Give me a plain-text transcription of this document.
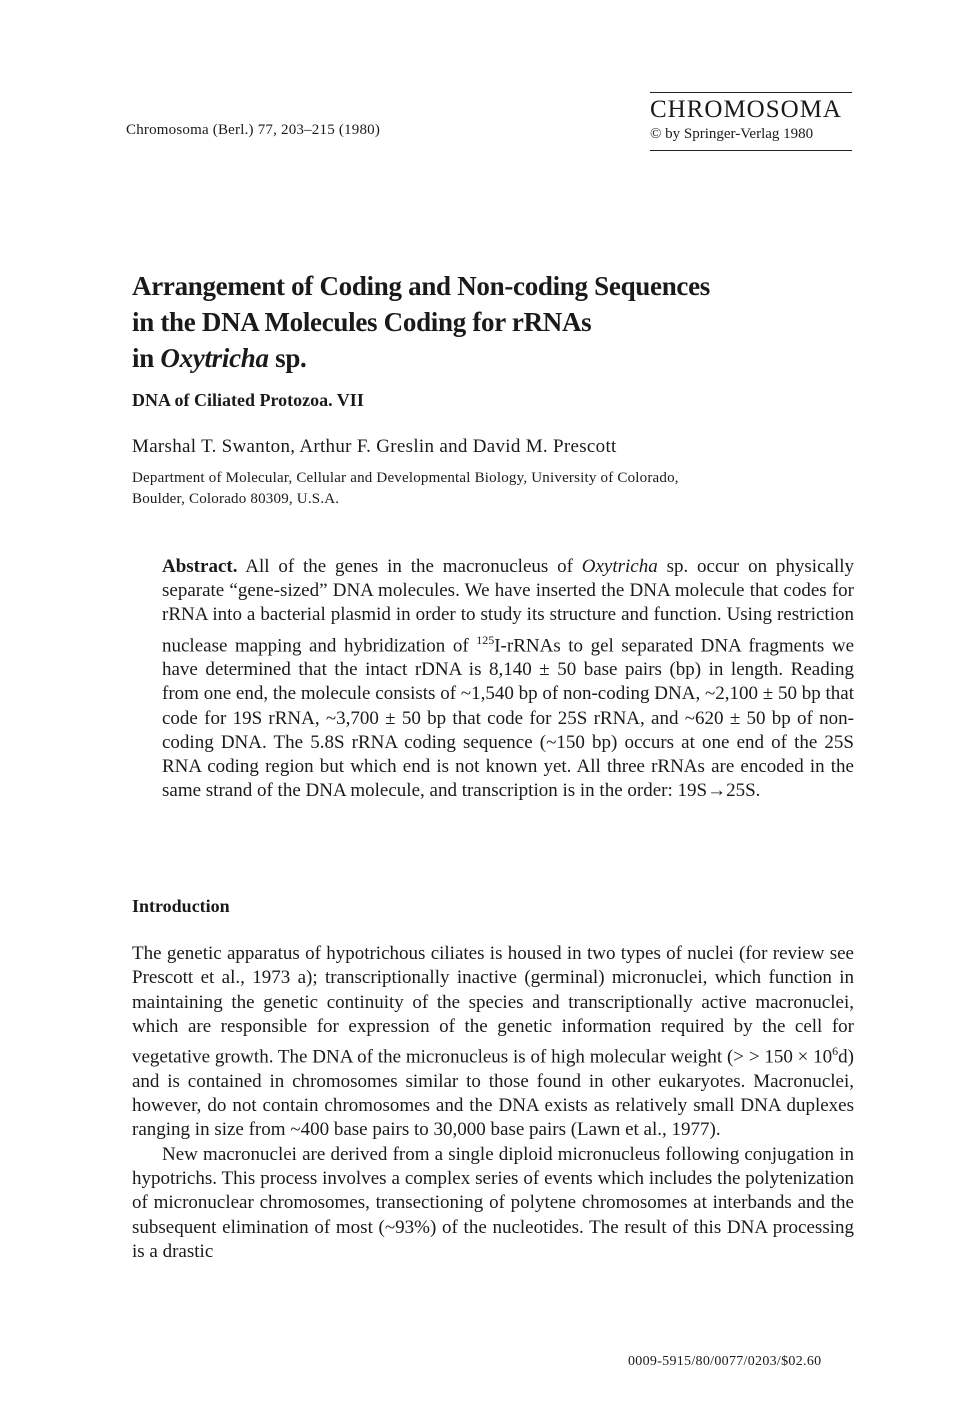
Chromosoma (Berl.) 77, 203–215 (1980)
CHROMOSOMA
© by Springer-Verlag 1980
Arrangement of Coding and Non-coding Sequences
in the DNA Molecules Coding for rRNAs
in Oxytricha sp.
DNA of Ciliated Protozoa. VII
Marshal T. Swanton, Arthur F. Greslin and David M. Prescott
Department of Molecular, Cellular and Developmental Biology, University of Colorado,
Boulder, Colorado 80309, U.S.A.
Abstract. All of the genes in the macronucleus of Oxytricha sp. occur on physically separate “gene-sized” DNA molecules. We have inserted the DNA molecule that codes for rRNA into a bacterial plasmid in order to study its structure and function. Using restriction nuclease mapping and hybridization of $^{125}$I-rRNAs to gel separated DNA fragments we have determined that the intact rDNA is 8,140 ± 50 base pairs (bp) in length. Reading from one end, the molecule consists of ~1,540 bp of non-coding DNA, ~2,100 ± 50 bp that code for 19S rRNA, ~3,700 ± 50 bp that code for 25S rRNA, and ~620 ± 50 bp of non-coding DNA. The 5.8S rRNA coding sequence (~150 bp) occurs at one end of the 25S RNA coding region but which end is not known yet. All three rRNAs are encoded in the same strand of the DNA molecule, and transcription is in the order: 19S→25S.
Introduction

The genetic apparatus of hypotrichous ciliates is housed in two types of nuclei (for review see Prescott et al., 1973 a); transcriptionally inactive (germinal) micronuclei, which function in maintaining the genetic continuity of the species and transcriptionally active macronuclei, which are responsible for expression of the genetic information required by the cell for vegetative growth. The DNA of the micronucleus is of high molecular weight (> > $150 \times 10^6d$) and is contained in chromosomes similar to those found in other eukaryotes. Macronuclei, however, do not contain chromosomes and the DNA exists as relatively small DNA duplexes ranging in size from ~400 base pairs to 30,000 base pairs (Lawn et al., 1977).

New macronuclei are derived from a single diploid micronucleus following conjugation in hypotrichs. This process involves a complex series of events which includes the polytenization of micronuclear chromosomes, transectioning of polytene chromosomes at interbands and the subsequent elimination of most (~93%) of the nucleotides. The result of this DNA processing is a drastic

0009-5915/80/0077/0203/$02.60
